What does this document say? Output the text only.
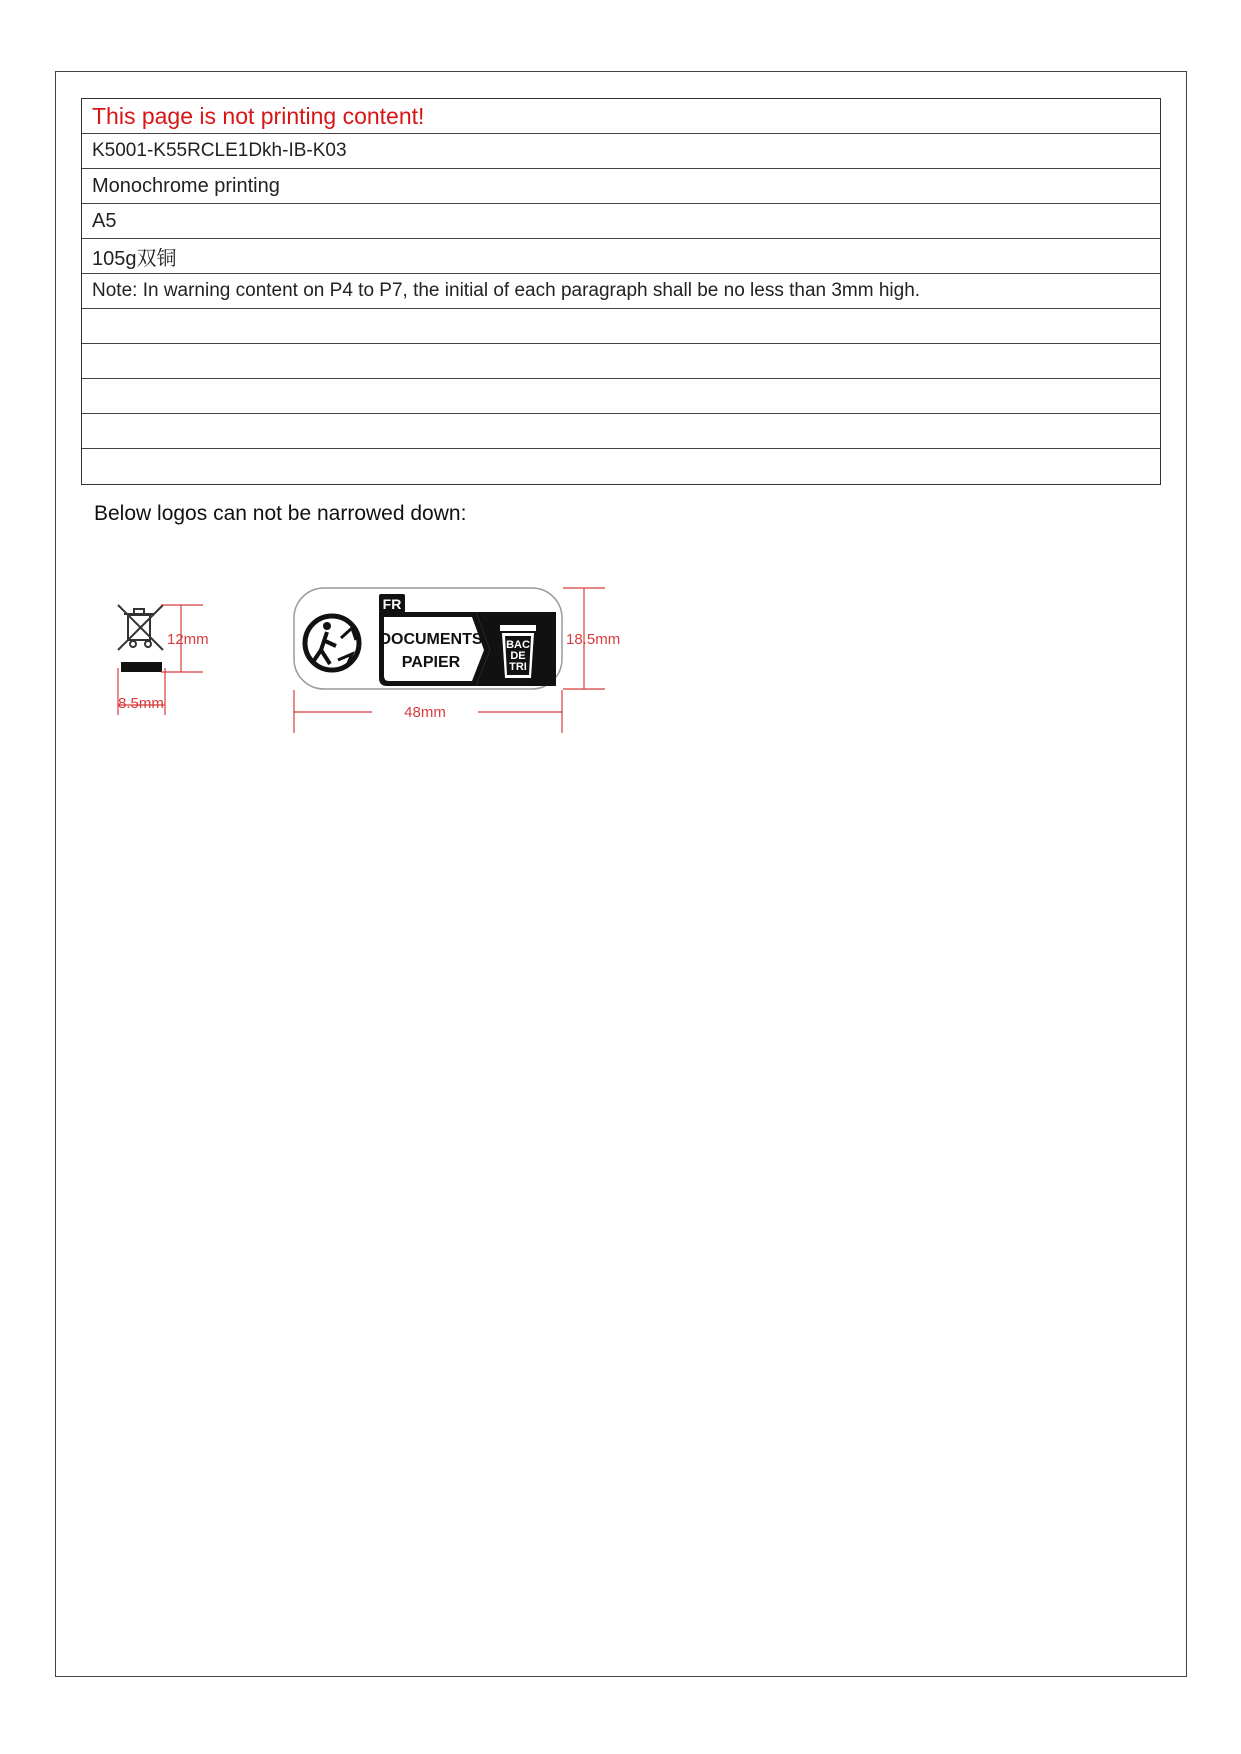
This page is not printing content!
K5001-K55RCLE1Dkh-IB-K03
Monochrome printing
A5
105g双铜
Note: In warning content on P4 to P7, the initial of each paragraph shall be no less than 3mm high.
Below logos can not be narrowed down:
12mm
8.5mm
FR
DOCUMENTS
PAPIER
BAC
DE
TRI
18.5mm
48mm
